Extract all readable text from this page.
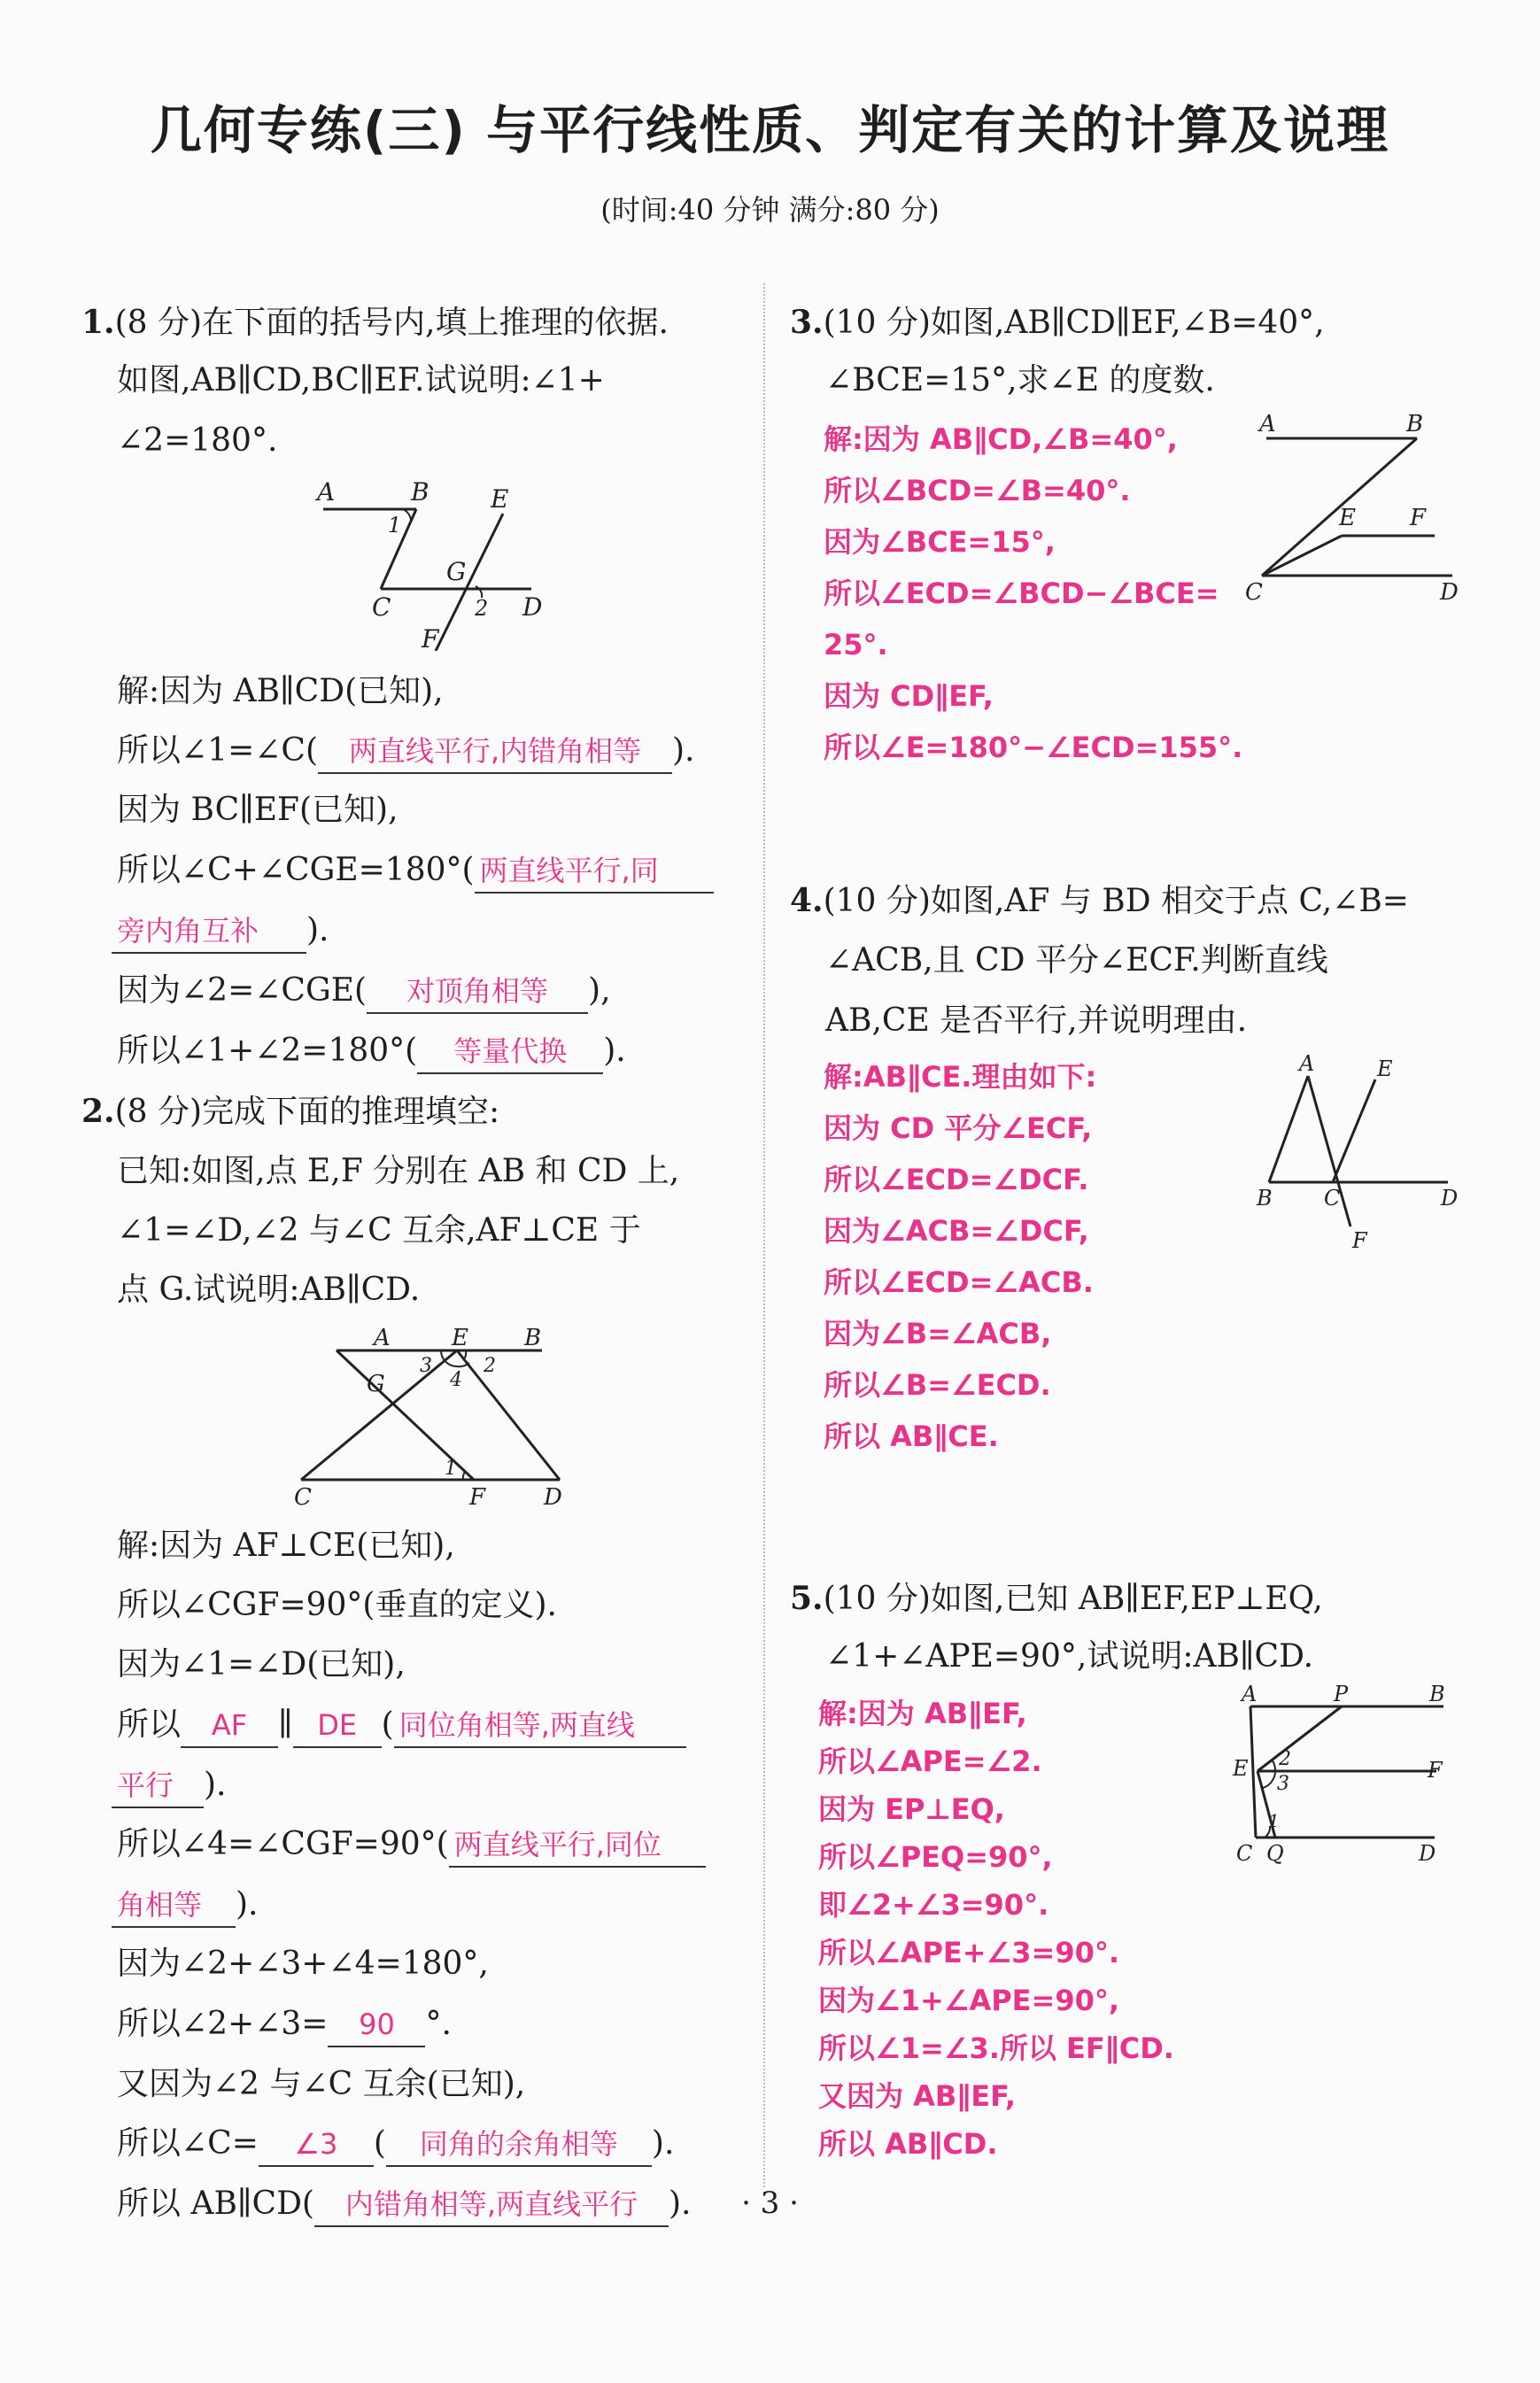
几何专练(三) 与平行线性质、判定有关的计算及说理
(时间:40 分钟 满分:80 分)
1.(8 分)在下面的括号内,填上推理的依据.
如图,AB∥CD,BC∥EF.试说明:∠1+
∠2=180°.
A	B E
1
G
C	2 D
F
解:因为 AB∥CD(已知),
所以∠1=∠C( 两直线平行,内错角相等 ).
因为 BC∥EF(已知),
所以∠C+∠CGE=180°( 两直线平行,同
旁内角互补 ).
因为∠2=∠CGE( 对顶角相等 ),
所以∠1+∠2=180°( 等量代换 ).
2.(8 分)完成下面的推理填空:
已知:如图,点 E,F 分别在 AB 和 CD 上,
∠1=∠D,∠2 与∠C 互余,AF⊥CE 于
点 G.试说明:AB∥CD.
A	E B
3	2
4
G
1
C	F	D
解:因为 AF⊥CE(已知),
所以∠CGF=90°(垂直的定义).
因为∠1=∠D(已知),
所以 AF ∥ DE ( 同位角相等,两直线
平行 ).
所以∠4=∠CGF=90°( 两直线平行,同位
角相等 ).
因为∠2+∠3+∠4=180°,
所以∠2+∠3= 90 °.
又因为∠2 与∠C 互余(已知),
所以∠C= ∠3 ( 同角的余角相等 ).
所以 AB∥CD( 内错角相等,两直线平行 ).
3.(10 分)如图,AB∥CD∥EF,∠B=40°,
∠BCE=15°,求∠E 的度数.
解:因为 AB∥CD,∠B=40°,
所以∠BCD=∠B=40°.
因为∠BCE=15°,
所以∠ECD=∠BCD−∠BCE=
25°.
因为 CD∥EF,
所以∠E=180°−∠ECD=155°.
A	B
E F
C	D
4.(10 分)如图,AF 与 BD 相交于点 C,∠B=
∠ACB,且 CD 平分∠ECF.判断直线
AB,CE 是否平行,并说明理由.
解:AB∥CE.理由如下:
因为 CD 平分∠ECF,
所以∠ECD=∠DCF.
因为∠ACB=∠DCF,
所以∠ECD=∠ACB.
因为∠B=∠ACB,
所以∠B=∠ECD.
所以 AB∥CE.
A	E
B C	D
F
5.(10 分)如图,已知 AB∥EF,EP⊥EQ,
∠1+∠APE=90°,试说明:AB∥CD.
解:因为 AB∥EF,
所以∠APE=∠2.
因为 EP⊥EQ,
所以∠PEQ=90°,
即∠2+∠3=90°.
所以∠APE+∠3=90°.
因为∠1+∠APE=90°,
所以∠1=∠3.所以 EF∥CD.
又因为 AB∥EF,
所以 AB∥CD.
A	P	B
E 2	F
3
1
C Q	D
· 3 ·
